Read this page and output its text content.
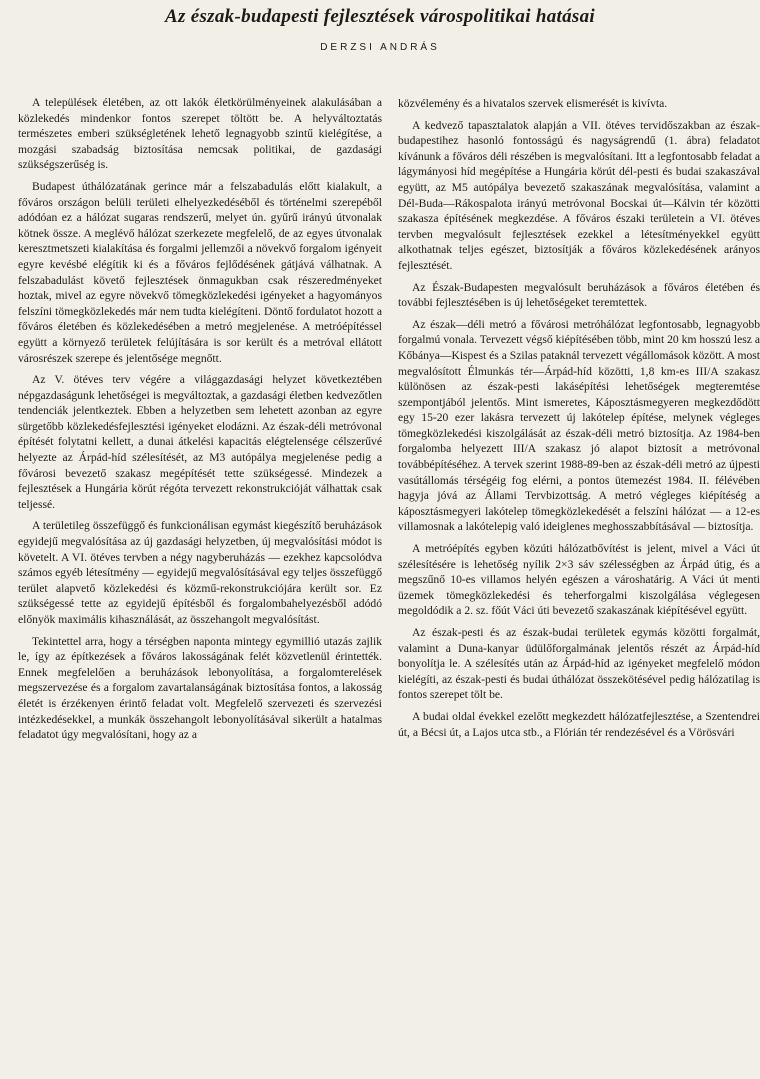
Az észak-budapesti fejlesztések várospolitikai hatásai
DERZSI ANDRÁS

A települések életében, az ott lakók életkörülményeinek alakulásában a közlekedés mindenkor fontos szerepet töltött be. A helyváltoztatás természetes emberi szükségletének lehető legnagyobb szintű kielégítése, a mozgási szabadság biztosítása nemcsak politikai, de gazdasági szükségszerűség is.

Budapest úthálózatának gerince már a felszabadulás előtt kialakult, a főváros országon belüli területi elhelyezkedéséből és történelmi szerepéből adódóan ez a hálózat sugaras rendszerű, melyet ún. gyűrű irányú útvonalak kötnek össze. A meglévő hálózat szerkezete megfelelő, de az egyes útvonalak keresztmetszeti kialakítása és forgalmi jellemzői a növekvő forgalom igényeit egyre kevésbé elégítik ki és a főváros fejlődésének gátjává válhatnak. A felszabadulást követő fejlesztések önmagukban csak részeredményeket hoztak, mivel az egyre növekvő tömegközlekedési igényeket a hagyományos felszíni tömegközlekedés már nem tudta kielégíteni. Döntő fordulatot hozott a főváros életében és közlekedésében a metró megjelenése. A metróépítéssel együtt a környező területek felújítására is sor került és a metróval ellátott városrészek szerepe és jelentősége megnőtt.

Az V. ötéves terv végére a világgazdasági helyzet következtében népgazdaságunk lehetőségei is megváltoztak, a gazdasági életben kedvezőtlen tendenciák jelentkeztek. Ebben a helyzetben sem lehetett azonban az egyre sürgetőbb közlekedésfejlesztési igényeket elodázni. Az észak-déli metróvonal építését folytatni kellett, a dunai átkelési kapacitás elégtelensége célszerűvé helyezte az Árpád-híd szélesítését, az M3 autópálya megjelenése pedig a fővárosi bevezető szakasz megépítését tette szükségessé. Mindezek a fejlesztések a Hungária körút régóta tervezett rekonstrukcióját válhattak csak teljessé.

A területileg összefüggő és funkcionálisan egymást kiegészítő beruházások egyidejű megvalósítása az új gazdasági helyzetben, új megvalósítási módot is követelt. A VI. ötéves tervben a négy nagyberuházás — ezekhez kapcsolódva számos egyéb létesítmény — egyidejű megvalósításával egy teljes összefüggő terület alapvető közlekedési és közmű-rekonstrukciójára került sor. Ez szükségessé tette az egyidejű építésből és forgalombahelyezésből adódó előnyök maximális kihasználását, az összehangolt megvalósítást.

Tekintettel arra, hogy a térségben naponta mintegy egymillió utazás zajlik le, így az építkezések a főváros lakosságának felét közvetlenül érintették. Ennek megfelelően a beruházások lebonyolítása, a forgalomterelések megszervezése és a forgalom zavartalanságának biztosítása fontos, a lakosság életét is érzékenyen érintő feladat volt. Megfelelő szervezeti és szervezési intézkedésekkel, a munkák összehangolt lebonyolításával sikerült a hatalmas feladatot úgy megvalósítani, hogy az a

közvélemény és a hivatalos szervek elismerését is kivívta.

A kedvező tapasztalatok alapján a VII. ötéves tervidőszakban az észak-budapestihez hasonló fontosságú és nagyságrendű (1. ábra) feladatot kívánunk a főváros déli részében is megvalósítani. Itt a legfontosabb feladat a lágymányosi híd megépítése a Hungária körút dél-pesti és budai szakaszával együtt, az M5 autópálya bevezető szakaszának megvalósítása, valamint a Dél-Buda—Rákospalota irányú metróvonal Bocskai út—Kálvin tér közötti szakasza építésének megkezdése. A főváros északi területein a VI. ötéves tervben megvalósult fejlesztések ezekkel a létesítményekkel együtt alkothatnak teljes egészet, biztosítják a főváros közlekedésének arányos fejlesztését.

Az Észak-Budapesten megvalósult beruházások a főváros életében és további fejlesztésében is új lehetőségeket teremtettek.

Az észak—déli metró a fővárosi metróhálózat legfontosabb, legnagyobb forgalmú vonala. Tervezett végső kiépítésében több, mint 20 km hosszú lesz a Kőbánya—Kispest és a Szilas pataknál tervezett végállomások között. A most megvalósított Élmunkás tér—Árpád-híd közötti, 1,8 km-es III/A szakasz különösen az észak-pesti lakásépítési lehetőségek megteremtése szempontjából jelentős. Mint ismeretes, Káposztásmegyeren megkezdődött egy 15-20 ezer lakásra tervezett új lakótelep építése, melynek végleges tömegközlekedési kiszolgálását az észak-déli metró biztosítja. Az 1984-ben forgalomba helyezett III/A szakasz jó alapot biztosít a metróvonal továbbépítéséhez. A tervek szerint 1988-89-ben az észak-déli metró az újpesti vasútállomás térségéig fog elérni, a pontos ütemezést 1984. II. félévében hagyja jóvá az Állami Tervbizottság. A metró végleges kiépítéség a káposztásmegyeri lakótelep tömegközlekedését a felszíni hálózat — a 12-es villamosnak a lakótelepig való ideiglenes meghosszabbításával — biztosítja.

A metróépítés egyben közúti hálózatbővítést is jelent, mivel a Váci út szélesítésére is lehetőség nyílik 2×3 sáv szélességben az Árpád útig, és a megszűnő 10-es villamos helyén egészen a városhatárig. A Váci út menti üzemek tömegközlekedési és teherforgalmi kiszolgálása véglegesen megoldódik a 2. sz. főút Váci úti bevezető szakaszának kiépítésével együtt.

Az észak-pesti és az észak-budai területek egymás közötti forgalmát, valamint a Duna-kanyar üdülőforgalmának jelentős részét az Árpád-híd bonyolítja le. A szélesítés után az Árpád-híd az igényeket megfelelő módon kielégíti, az észak-pesti és budai úthálózat összekötésével pedig hálózatilag is fontos szerepet tölt be.

A budai oldal évekkel ezelőtt megkezdett hálózatfejlesztése, a Szentendrei út, a Bécsi út, a Lajos utca stb., a Flórián tér rendezésével és a Vörösvári
